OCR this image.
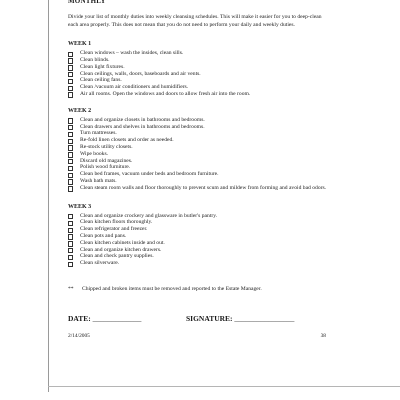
MONTHLY
Divide your list of monthly duties into weekly cleansing schedules. This will make it easier for you to deep-clean each area properly. This does not mean that you do not need to perform your daily and weekly duties.
WEEK 1
Clean windows – wash the insides, clean sills.
Clean blinds.
Clean light fixtures.
Clean ceilings, walls, doors, baseboards and air vents.
Clean ceiling fans.
Clean /vacuum air conditioners and humidifiers.
Air all rooms. Open the windows and doors to allow fresh air into the room.
WEEK 2
Clean and organize closets in bathrooms and bedrooms.
Clean drawers and shelves in bathrooms and bedrooms.
Turn mattresses.
Re-fold linen closets and order as needed.
Re-stock utility closets.
Wipe books.
Discard old magazines.
Polish wood furniture.
Clean bed frames, vacuum under beds and bedroom furniture.
Wash bath mats.
Clean steam room walls and floor thoroughly to prevent scum and mildew from forming and avoid bad odors.
WEEK 3
Clean and organize crockery and glassware in butler's pantry.
Clean kitchen floors thoroughly.
Clean refrigerator and freezer.
Clean pots and pans.
Clean kitchen cabinets inside and out.
Clean and organize kitchen drawers.
Clean and check pantry supplies.
Clean silverware.
**	Chipped and broken items must be removed and reported to the Estate Manager.
DATE: _____________	SIGNATURE: ________________
2/14/2005	38
